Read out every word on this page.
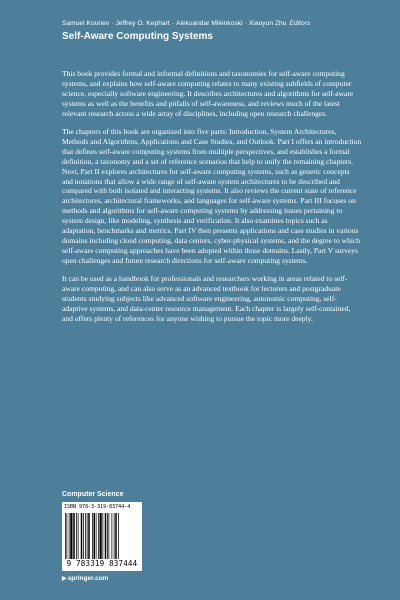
Samuel Kounev · Jeffrey O. Kephart · Aleksandar Milenkoski · Xiaoyun Zhu Editors
Self-Aware Computing Systems

This book provides formal and informal definitions and taxonomies for self-aware computing systems, and explains how self-aware computing relates to many existing subfields of computer science, especially software engineering. It describes architectures and algorithms for self-aware systems as well as the benefits and pitfalls of self-awareness, and reviews much of the latest relevant research across a wide array of disciplines, including open research challenges.

The chapters of this book are organized into five parts: Introduction, System Architectures, Methods and Algorithms, Applications and Case Studies, and Outlook. Part I offers an introduction that defines self-aware computing systems from multiple perspectives, and establishes a formal definition, a taxonomy and a set of reference scenarios that help to unify the remaining chapters. Next, Part II explores architectures for self-aware computing systems, such as generic concepts and notations that allow a wide range of self-aware system architectures to be described and compared with both isolated and interacting systems. It also reviews the current state of reference architectures, architectural frameworks, and languages for self-aware systems. Part III focuses on methods and algorithms for self-aware computing systems by addressing issues pertaining to system design, like modeling, synthesis and verification. It also examines topics such as adaptation, benchmarks and metrics. Part IV then presents applications and case studies in various domains including cloud computing, data centers, cyber-physical systems, and the degree to which self-aware computing approaches have been adopted within those domains. Lastly, Part V surveys open challenges and future research directions for self-aware computing systems.

It can be used as a handbook for professionals and researchers working in areas related to self-aware computing, and can also serve as an advanced textbook for lecturers and postgraduate students studying subjects like advanced software engineering, autonomic computing, self-adaptive systems, and data-center resource management. Each chapter is largely self-contained, and offers plenty of references for anyone wishing to pursue the topic more deeply.

Computer Science
ISBN 978-3-319-83744-4
9 783319 837444
▶springer.com
